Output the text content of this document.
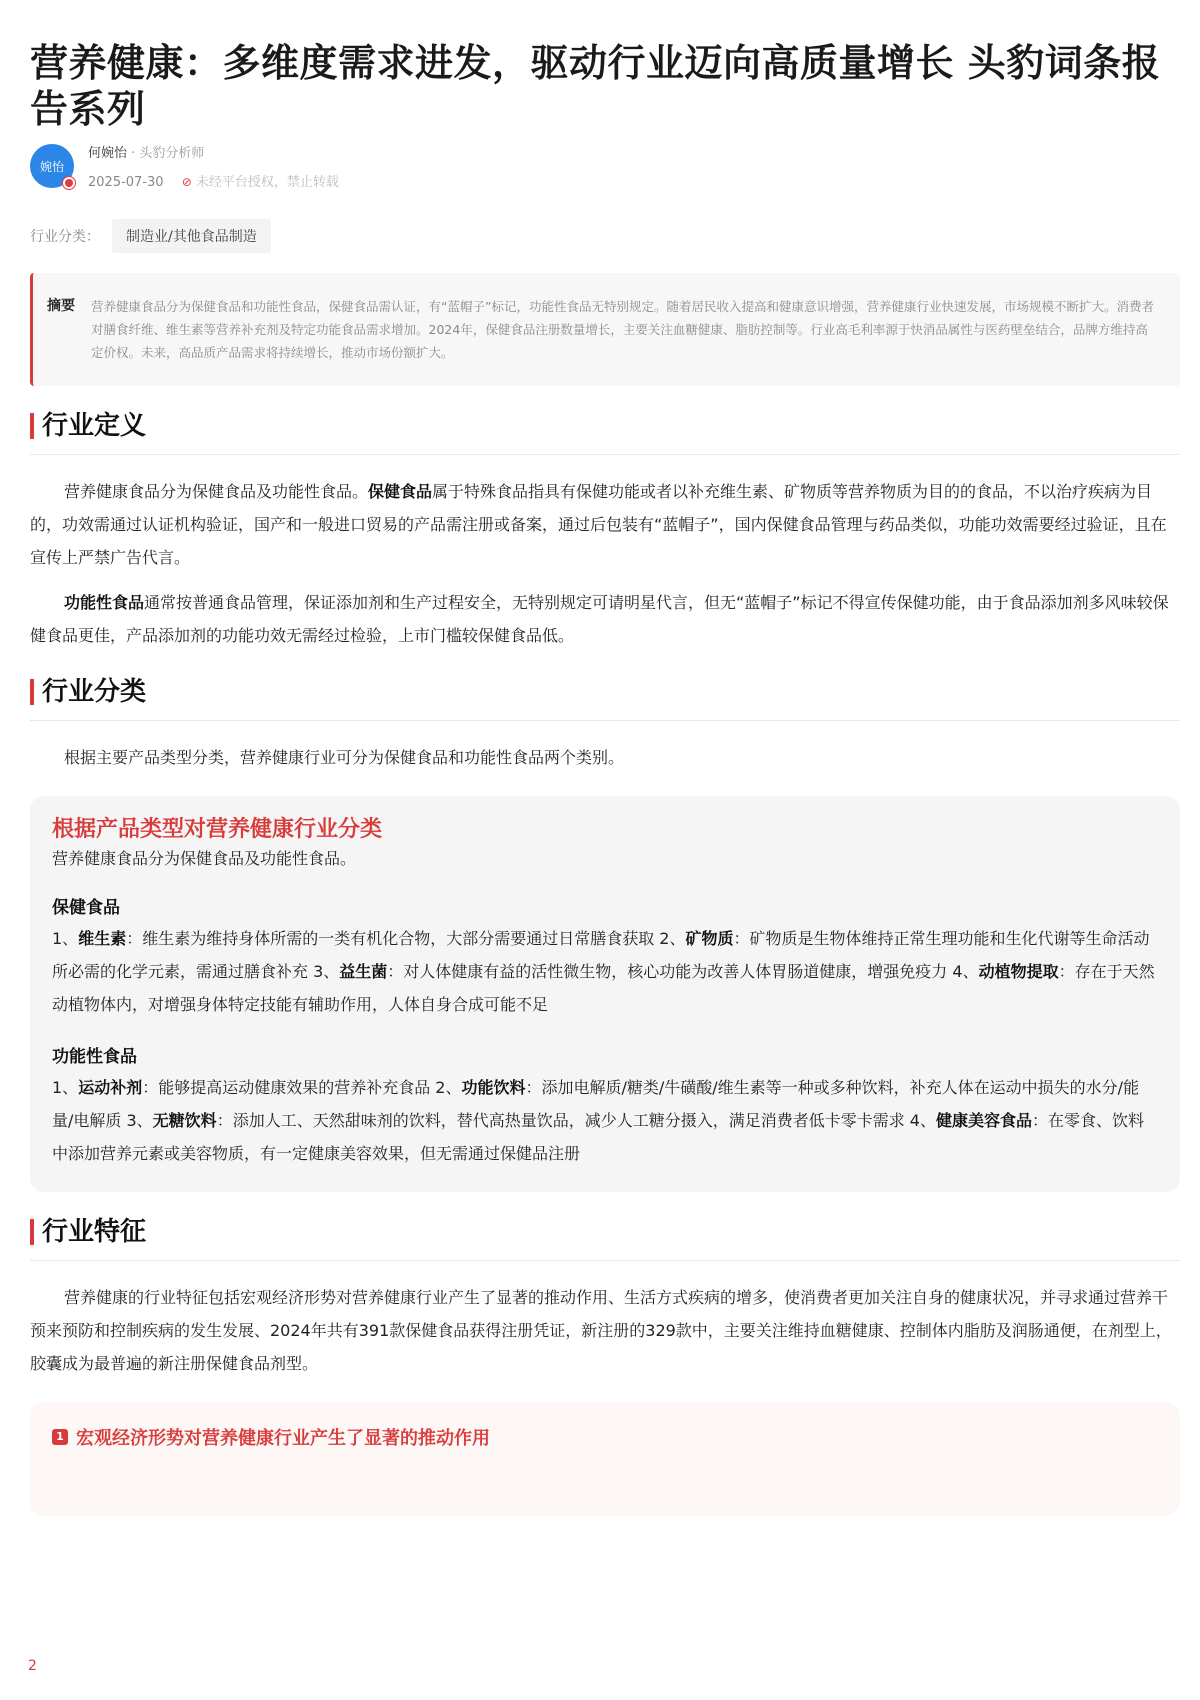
营养健康：多维度需求进发，驱动行业迈向高质量增长 头豹词条报告系列
婉怡
何婉怡 · 头豹分析师
2025-07-30 ⊘ 未经平台授权，禁止转载
行业分类：	制造业/其他食品制造
摘要	营养健康食品分为保健食品和功能性食品，保健食品需认证，有“蓝帽子”标记，功能性食品无特别规定。随着居民收入提高和健康意识增强，营养健康行业快速发展，市场规模不断扩大。消费者对膳食纤维、维生素等营养补充剂及特定功能食品需求增加。2024年，保健食品注册数量增长，主要关注血糖健康、脂肪控制等。行业高毛利率源于快消品属性与医药壁垒结合，品牌方维持高定价权。未来，高品质产品需求将持续增长，推动市场份额扩大。
行业定义

营养健康食品分为保健食品及功能性食品。保健食品属于特殊食品指具有保健功能或者以补充维生素、矿物质等营养物质为目的的食品，不以治疗疾病为目的，功效需通过认证机构验证，国产和一般进口贸易的产品需注册或备案，通过后包装有“蓝帽子”，国内保健食品管理与药品类似，功能功效需要经过验证，且在宣传上严禁广告代言。

功能性食品通常按普通食品管理，保证添加剂和生产过程安全，无特别规定可请明星代言，但无“蓝帽子”标记不得宣传保健功能，由于食品添加剂多风味较保健食品更佳，产品添加剂的功能功效无需经过检验，上市门槛较保健食品低。

行业分类

根据主要产品类型分类，营养健康行业可分为保健食品和功能性食品两个类别。

根据产品类型对营养健康行业分类
营养健康食品分为保健食品及功能性食品。
保健食品
1、维生素：维生素为维持身体所需的一类有机化合物，大部分需要通过日常膳食获取 2、矿物质：矿物质是生物体维持正常生理功能和生化代谢等生命活动所必需的化学元素，需通过膳食补充 3、益生菌：对人体健康有益的活性微生物，核心功能为改善人体胃肠道健康，增强免疫力 4、动植物提取：存在于天然动植物体内，对增强身体特定技能有辅助作用，人体自身合成可能不足
功能性食品
1、运动补剂：能够提高运动健康效果的营养补充食品 2、功能饮料：添加电解质/糖类/牛磺酸/维生素等一种或多种饮料，补充人体在运动中损失的水分/能量/电解质 3、无糖饮料：添加人工、天然甜味剂的饮料，替代高热量饮品，减少人工糖分摄入，满足消费者低卡零卡需求 4、健康美容食品：在零食、饮料中添加营养元素或美容物质，有一定健康美容效果，但无需通过保健品注册
行业特征

营养健康的行业特征包括宏观经济形势对营养健康行业产生了显著的推动作用、生活方式疾病的增多，使消费者更加关注自身的健康状况，并寻求通过营养干预来预防和控制疾病的发生发展、2024年共有391款保健食品获得注册凭证，新注册的329款中，主要关注维持血糖健康、控制体内脂肪及润肠通便，在剂型上，胶囊成为最普遍的新注册保健食品剂型。

1 宏观经济形势对营养健康行业产生了显著的推动作用
2
